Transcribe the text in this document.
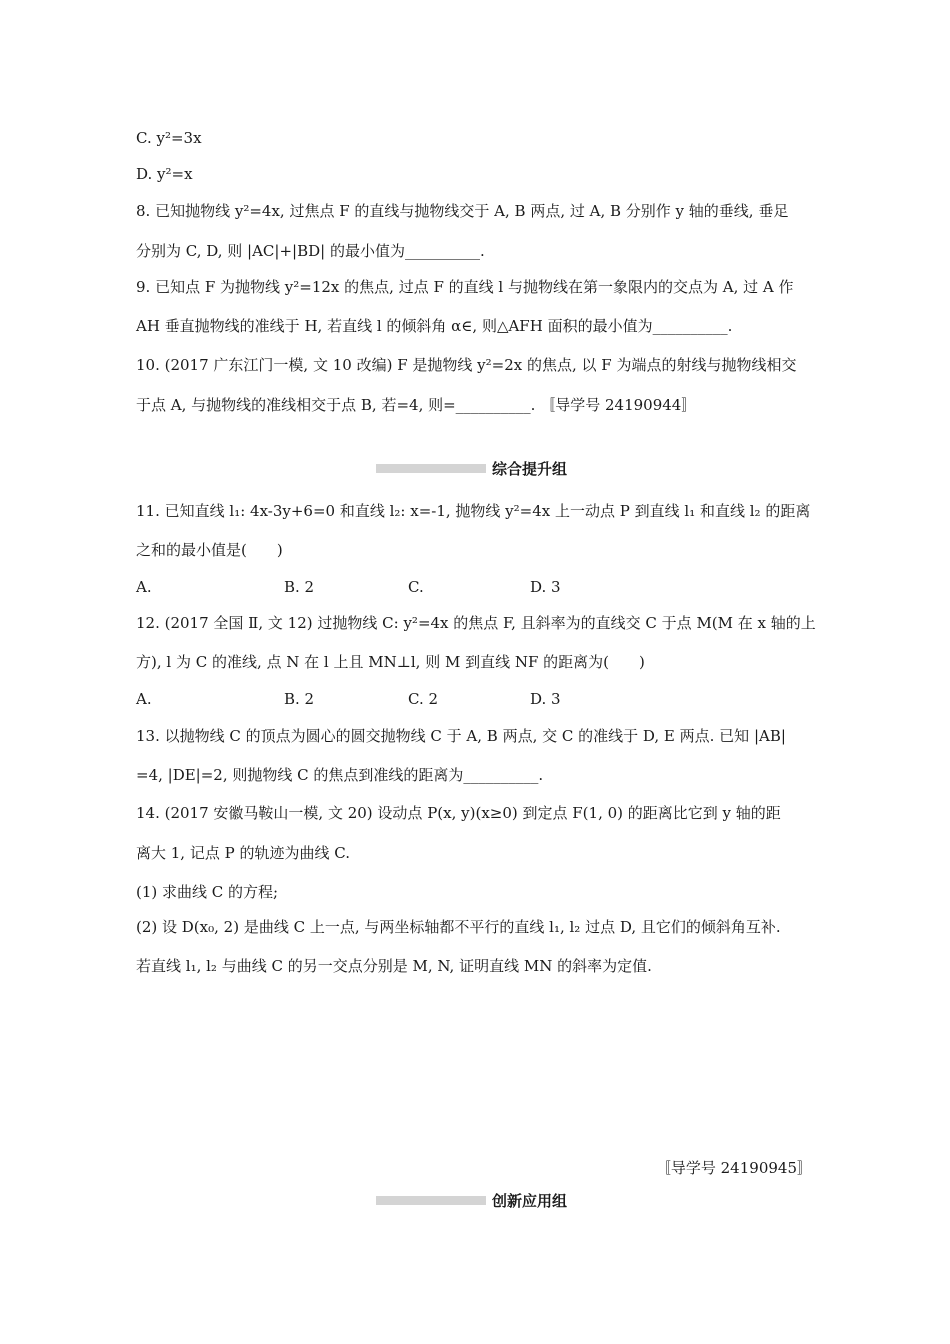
C. y²=3x
D. y²=x
8. 已知抛物线 y²=4x, 过焦点 F 的直线与抛物线交于 A, B 两点, 过 A, B 分别作 y 轴的垂线, 垂足
分别为 C, D, 则 |AC|+|BD| 的最小值为__________.
9. 已知点 F 为抛物线 y²=12x 的焦点, 过点 F 的直线 l 与抛物线在第一象限内的交点为 A, 过 A 作
AH 垂直抛物线的准线于 H, 若直线 l 的倾斜角 α∈, 则△AFH 面积的最小值为__________.
10. (2017 广东江门一模, 文 10 改编) F 是抛物线 y²=2x 的焦点, 以 F 为端点的射线与抛物线相交
于点 A, 与抛物线的准线相交于点 B, 若=4, 则=__________. 〚导学号 24190944〛
综合提升组
11. 已知直线 l₁: 4x-3y+6=0 和直线 l₂: x=-1, 抛物线 y²=4x 上一动点 P 到直线 l₁ 和直线 l₂ 的距离
之和的最小值是(　　)
A.	B. 2	C.	D. 3
12. (2017 全国 Ⅱ, 文 12) 过抛物线 C: y²=4x 的焦点 F, 且斜率为的直线交 C 于点 M(M 在 x 轴的上
方), l 为 C 的准线, 点 N 在 l 上且 MN⊥l, 则 M 到直线 NF 的距离为(　　)
A.	B. 2	C. 2	D. 3
13. 以抛物线 C 的顶点为圆心的圆交抛物线 C 于 A, B 两点, 交 C 的准线于 D, E 两点. 已知 |AB|
=4, |DE|=2, 则抛物线 C 的焦点到准线的距离为__________.
14. (2017 安徽马鞍山一模, 文 20) 设动点 P(x, y)(x≥0) 到定点 F(1, 0) 的距离比它到 y 轴的距
离大 1, 记点 P 的轨迹为曲线 C.
(1) 求曲线 C 的方程;
(2) 设 D(x₀, 2) 是曲线 C 上一点, 与两坐标轴都不平行的直线 l₁, l₂ 过点 D, 且它们的倾斜角互补.
若直线 l₁, l₂ 与曲线 C 的另一交点分别是 M, N, 证明直线 MN 的斜率为定值.
〚导学号 24190945〛
创新应用组
